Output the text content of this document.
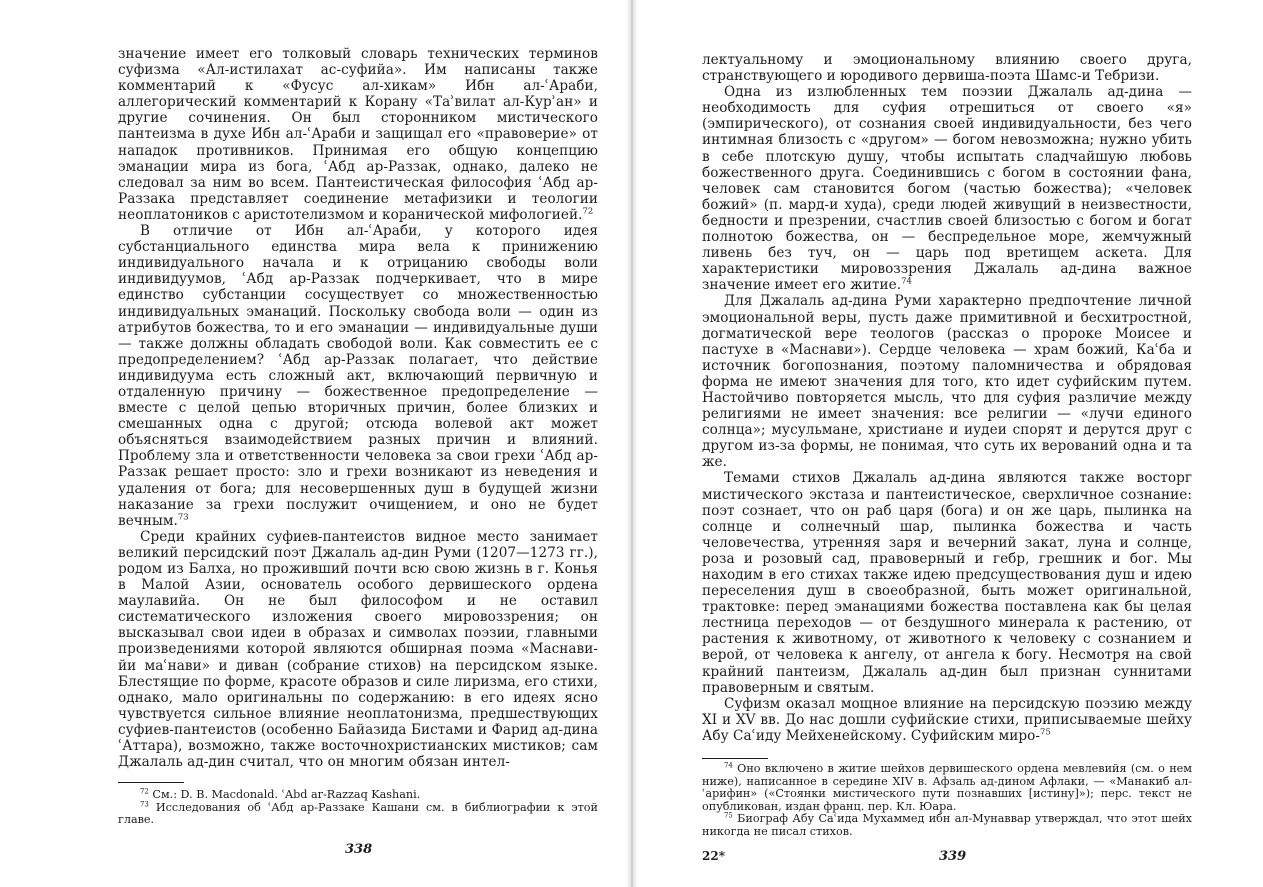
значение имеет его толковый словарь технических терминов суфизма «Ал-истилахат ас-суфийа». Им написаны также комментарий к «Фусус ал-хикам» Ибн ал-ʿАраби, аллегорический комментарий к Корану «Таʾвилат ал-Курʾан» и другие сочинения. Он был сторонником мистического пантеизма в духе Ибн ал-ʿАраби и защищал его «правоверие» от нападок противников. Принимая его общую концепцию эманации мира из бога, ʿАбд ар-Раззак, однако, далеко не следовал за ним во всем. Пантеистическая философия ʿАбд ар-Раззака представляет соединение метафизики и теологии неоплатоников с аристотелизмом и коранической мифологией.$^{72}$

В отличие от Ибн ал-ʿАраби, у которого идея субстанциального единства мира вела к принижению индивидуального начала и к отрицанию свободы воли индивидуумов, ʿАбд ар-Раззак подчеркивает, что в мире единство субстанции сосуществует со множественностью индивидуальных эманаций. Поскольку свобода воли — один из атрибутов божества, то и его эманации — индивидуальные души — также должны обладать свободой воли. Как совместить ее с предопределением? ʿАбд ар-Раззак полагает, что действие индивидуума есть сложный акт, включающий первичную и отдаленную причину — божественное предопределение — вместе с целой цепью вторичных причин, более близких и смешанных одна с другой; отсюда волевой акт может объясняться взаимодействием разных причин и влияний. Проблему зла и ответственности человека за свои грехи ʿАбд ар-Раззак решает просто: зло и грехи возникают из неведения и удаления от бога; для несовершенных душ в будущей жизни наказание за грехи послужит очищением, и оно не будет вечным.$^{73}$

Среди крайних суфиев-пантеистов видное место занимает великий персидский поэт Джалаль ад-дин Руми (1207—1273 гг.), родом из Балха, но проживший почти всю свою жизнь в г. Конья в Малой Азии, основатель особого дервишеского ордена маулавийа. Он не был философом и не оставил систематического изложения своего мировоззрения; он высказывал свои идеи в образах и символах поэзии, главными произведениями которой являются обширная поэма «Маснави-йи маʿнави» и диван (собрание стихов) на персидском языке. Блестящие по форме, красоте образов и силе лиризма, его стихи, однако, мало оригинальны по содержанию: в его идеях ясно чувствуется сильное влияние неоплатонизма, предшествующих суфиев-пантеистов (особенно Байазида Бистами и Фарид ад-дина ʿАттара), возможно, также восточнохристианских мистиков; сам Джалаль ад-дин считал, что он многим обязан интел-

$^{72}$ См.: D. B. Macdonald. ʿAbd ar-Razzaq Kashani.

$^{73}$ Исследования об ʿАбд ар-Раззаке Кашани см. в библиографии к этой главе.

338

лектуальному и эмоциональному влиянию своего друга, странствующего и юродивого дервиша-поэта Шамс-и Тебризи.

Одна из излюбленных тем поэзии Джалаль ад-дина — необходимость для суфия отрешиться от своего «я» (эмпирического), от сознания своей индивидуальности, без чего интимная близость с «другом» — богом невозможна; нужно убить в себе плотскую душу, чтобы испытать сладчайшую любовь божественного друга. Соединившись с богом в состоянии фана, человек сам становится богом (частью божества); «человек божий» (п. мард-и худа), среди людей живущий в неизвестности, бедности и презрении, счастлив своей близостью с богом и богат полнотою божества, он — беспредельное море, жемчужный ливень без туч, он — царь под вретищем аскета. Для характеристики мировоззрения Джалаль ад-дина важное значение имеет его житие.$^{74}$

Для Джалаль ад-дина Руми характерно предпочтение личной эмоциональной веры, пусть даже примитивной и бесхитростной, догматической вере теологов (рассказ о пророке Моисее и пастухе в «Маснави»). Сердце человека — храм божий, Каʿба и источник богопознания, поэтому паломничества и обрядовая форма не имеют значения для того, кто идет суфийским путем. Настойчиво повторяется мысль, что для суфия различие между религиями не имеет значения: все религии — «лучи единого солнца»; мусульмане, христиане и иудеи спорят и дерутся друг с другом из-за формы, не понимая, что суть их верований одна и та же.

Темами стихов Джалаль ад-дина являются также восторг мистического экстаза и пантеистическое, сверхличное сознание: поэт сознает, что он раб царя (бога) и он же царь, пылинка на солнце и солнечный шар, пылинка божества и часть человечества, утренняя заря и вечерний закат, луна и солнце, роза и розовый сад, правоверный и гебр, грешник и бог. Мы находим в его стихах также идею предсуществования душ и идею переселения душ в своеобразной, быть может оригинальной, трактовке: перед эманациями божества поставлена как бы целая лестница переходов — от бездушного минерала к растению, от растения к животному, от животного к человеку с сознанием и верой, от человека к ангелу, от ангела к богу. Несмотря на свой крайний пантеизм, Джалаль ад-дин был признан суннитами правоверным и святым.

Суфизм оказал мощное влияние на персидскую поэзию между XI и XV вв. До нас дошли суфийские стихи, приписываемые шейху Абу Саʿиду Мейхенейскому. Суфийским миро-$^{75}$

$^{74}$ Оно включено в житие шейхов дервишеского ордена мевлевийя (см. о нем ниже), написанное в середине XIV в. Афзаль ад-дином Афлаки, — «Манакиб ал-ʿарифин» («Стоянки мистического пути познавших [истину]»); перс. текст не опубликован, издан франц. пер. Кл. Юара.

$^{75}$ Биограф Абу Саʿида Мухаммед ибн ал-Мунаввар утверждал, что этот шейх никогда не писал стихов.

22*	339
